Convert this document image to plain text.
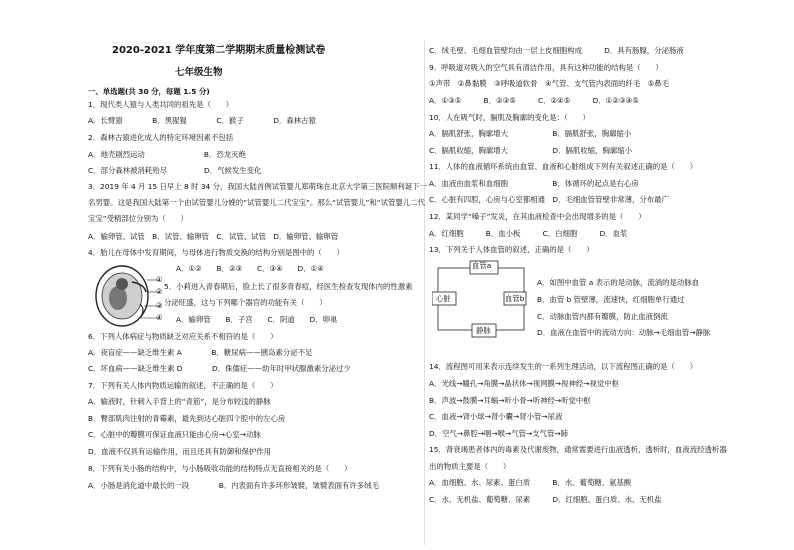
2020-2021 学年度第二学期期末质量检测试卷
七年级生物
一、单选题(共 30 分，每题 1.5 分)
1．现代类人猿与人类共同的祖先是（　　）
A．长臂猿　　　　B．黑猩猩　　　　C．猴子　　　　D．森林古猿
2．森林古猿进化成人的特定环境因素不包括
A．地壳剧烈运动　　　　　　　　B．恐龙灭绝
C．部分森林被消耗殆尽　　　　　D．气候发生变化
3．2019 年 4 月 15 日早上 8 时 34 分，我国大陆首例试管婴儿郑萌珠在北京大学第三医院顺利诞下一
名男婴。这是我国大陆第一个由试管婴儿分娩的“试管婴儿二代宝宝”。那么“试管婴儿”和“试管婴儿二代
宝宝”受精部位分别为（　　）
A．输卵管、试管　B．试管、输卵管　C．试管、试管　D．输卵管、输卵管
4．胎儿在母体中发育期间，与母体进行物质交换的结构分别是图中的（　　）
①
②
③
④
A．①②　　B．②③　　C．③④　　D．①④
5．小莉进入青春期后，脸上长了很多青春痘，经医生检查发现体内的性激素
分泌旺盛，这与下列哪个器官的功能有关（　　）
A．输卵管　　B．子宫　　C．阴道　　D．卵巢
6．下列人体病症与物质缺乏对应关系不相符的是（　　）
A．夜盲症——缺乏维生素 A　　　　B．糖尿病——胰岛素分泌不足
C．坏血病——缺乏维生素 D　　　　D．侏儒症——幼年时甲状腺激素分泌过少
7．下列有关人体内物质运输的叙述，不正确的是（　　）
A．输液时，针刺入手背上的“青筋”，是分布较浅的静脉
B．臀部肌肉注射的青霉素，最先到达心脏四个腔中的左心房
C．心脏中的瓣膜可保证血液只能由心房→心室→动脉
D．血液不仅具有运输作用，而且还具有防御和保护作用
8．下列有关小肠的结构中，与小肠吸收功能的结构特点无直接相关的是（　　）
A．小肠是消化道中最长的一段　　　　B．内表面有许多环形皱襞，皱襞表面有许多绒毛
C．绒毛壁、毛细血管壁均由一层上皮细胞构成　　　D．具有肠腺，分泌肠液
9．呼吸道对吸入的空气具有清洁作用，具有这种功能的结构是（　　）
①声带　②鼻黏膜　③呼吸道软骨　④气管、支气管内表面的纤毛　⑤鼻毛
A．①③⑤　　　B．②③⑤　　　C．②④⑤　　　D．①②③④⑤
10．人在吸气时，膈肌及胸廓的变化是：（　　）
A．膈肌舒张，胸廓增大　　　　　　B．膈肌舒张，胸廓缩小
C．膈肌收缩，胸廓增大　　　　　　D．膈肌收缩，胸廓缩小
11．人体的血液循环系统由血管、血液和心脏组成下列有关叙述正确的是（　　）
A．血液由血浆和血细胞　　　　　　B．体循环的起点是右心房
C．心脏有四腔，心房与心室都相通　D．毛细血管管壁非常薄，分布最广
12．某同学“嗓子”发炎，在其血液检查中会出现增多的是（　　）
A．红细胞　　　B．血小板　　　C．白细胞　　　D．血浆
13．下列关于人体血管的叙述，正确的是（　　）
血管a
血管b
心脏
静脉
A．如图中血管 a 表示的是动脉，流淌的是动脉血
B．血管 b 管壁薄，流速快，红细胞单行通过
C．动脉血管内都有瓣膜，防止血液倒流
D．血液在血管中的流动方向：动脉→毛细血管→静脉
14．流程图可用来表示连续发生的一系列生理活动，以下流程图正确的是（　　）
A．光线→瞳孔→角膜→晶状体→视网膜→视神经→视觉中枢
B．声波→鼓膜→耳蜗→听小骨→听神经→听觉中枢
C．血液→肾小球→肾小囊→肾小管→尿液
D．空气→鼻腔→咽→喉→气管→支气管→肺
15．肾衰竭患者体内的毒素及代谢废物，通常需要进行血液透析，透析时，血液流经透析器
出的物质主要是（　　）
A．血细胞、水、尿素、蛋白质　　　B．水、葡萄糖、氨基酸
C．水、无机盐、葡萄糖、尿素　　　D．红细胞、蛋白质、水、无机盐
